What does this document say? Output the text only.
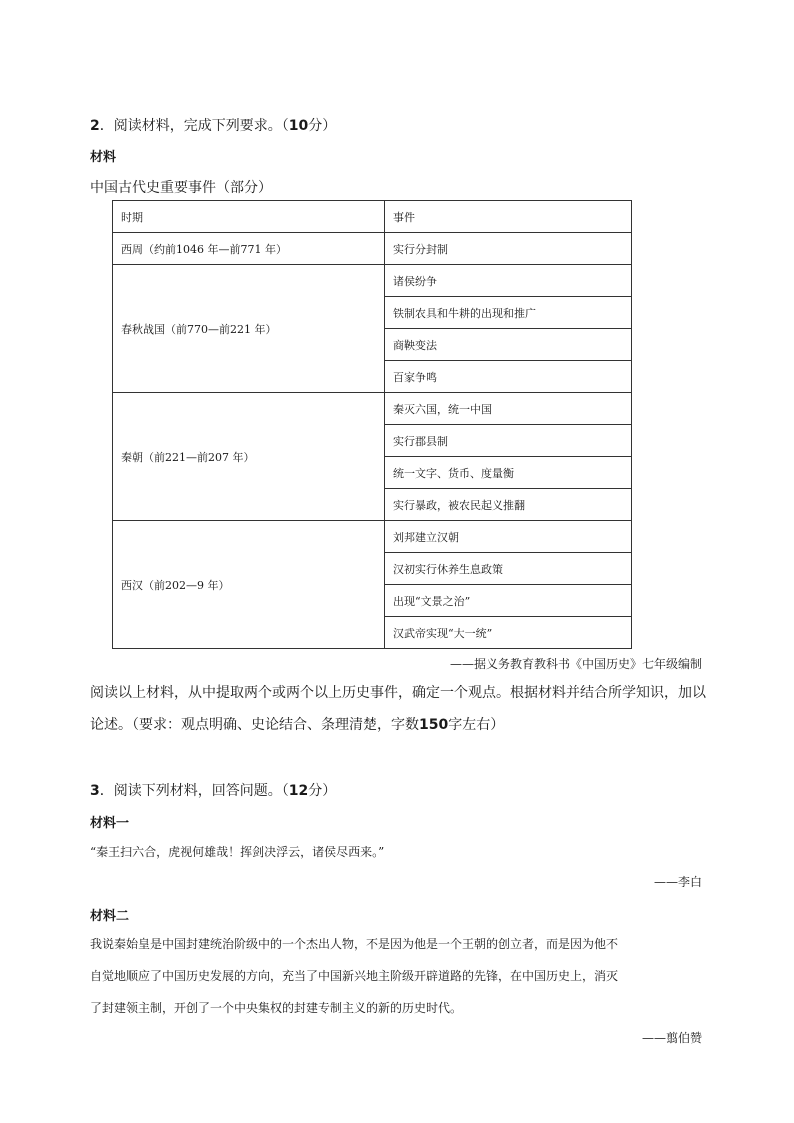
2．阅读材料，完成下列要求。（10分）
材料
中国古代史重要事件（部分）
时期	事件
西周（约前1046 年—前771 年）	实行分封制
春秋战国（前770—前221 年）	诸侯纷争
	铁制农具和牛耕的出现和推广
	商鞅变法
	百家争鸣
秦朝（前221—前207 年）	秦灭六国，统一中国
	实行郡县制
	统一文字、货币、度量衡
	实行暴政，被农民起义推翻
西汉（前202—9 年）	刘邦建立汉朝
	汉初实行休养生息政策
	出现“文景之治”
	汉武帝实现“大一统”
——据义务教育教科书《中国历史》七年级编制
阅读以上材料，从中提取两个或两个以上历史事件，确定一个观点。根据材料并结合所学知识，加以
论述。（要求：观点明确、史论结合、条理清楚，字数150字左右）
3．阅读下列材料，回答问题。（12分）
材料一
“秦王扫六合，虎视何雄哉！挥剑决浮云，诸侯尽西来。”
——李白
材料二
我说秦始皇是中国封建统治阶级中的一个杰出人物，不是因为他是一个王朝的创立者，而是因为他不
自觉地顺应了中国历史发展的方向，充当了中国新兴地主阶级开辟道路的先锋，在中国历史上，消灭
了封建领主制，开创了一个中央集权的封建专制主义的新的历史时代。
——翦伯赞
